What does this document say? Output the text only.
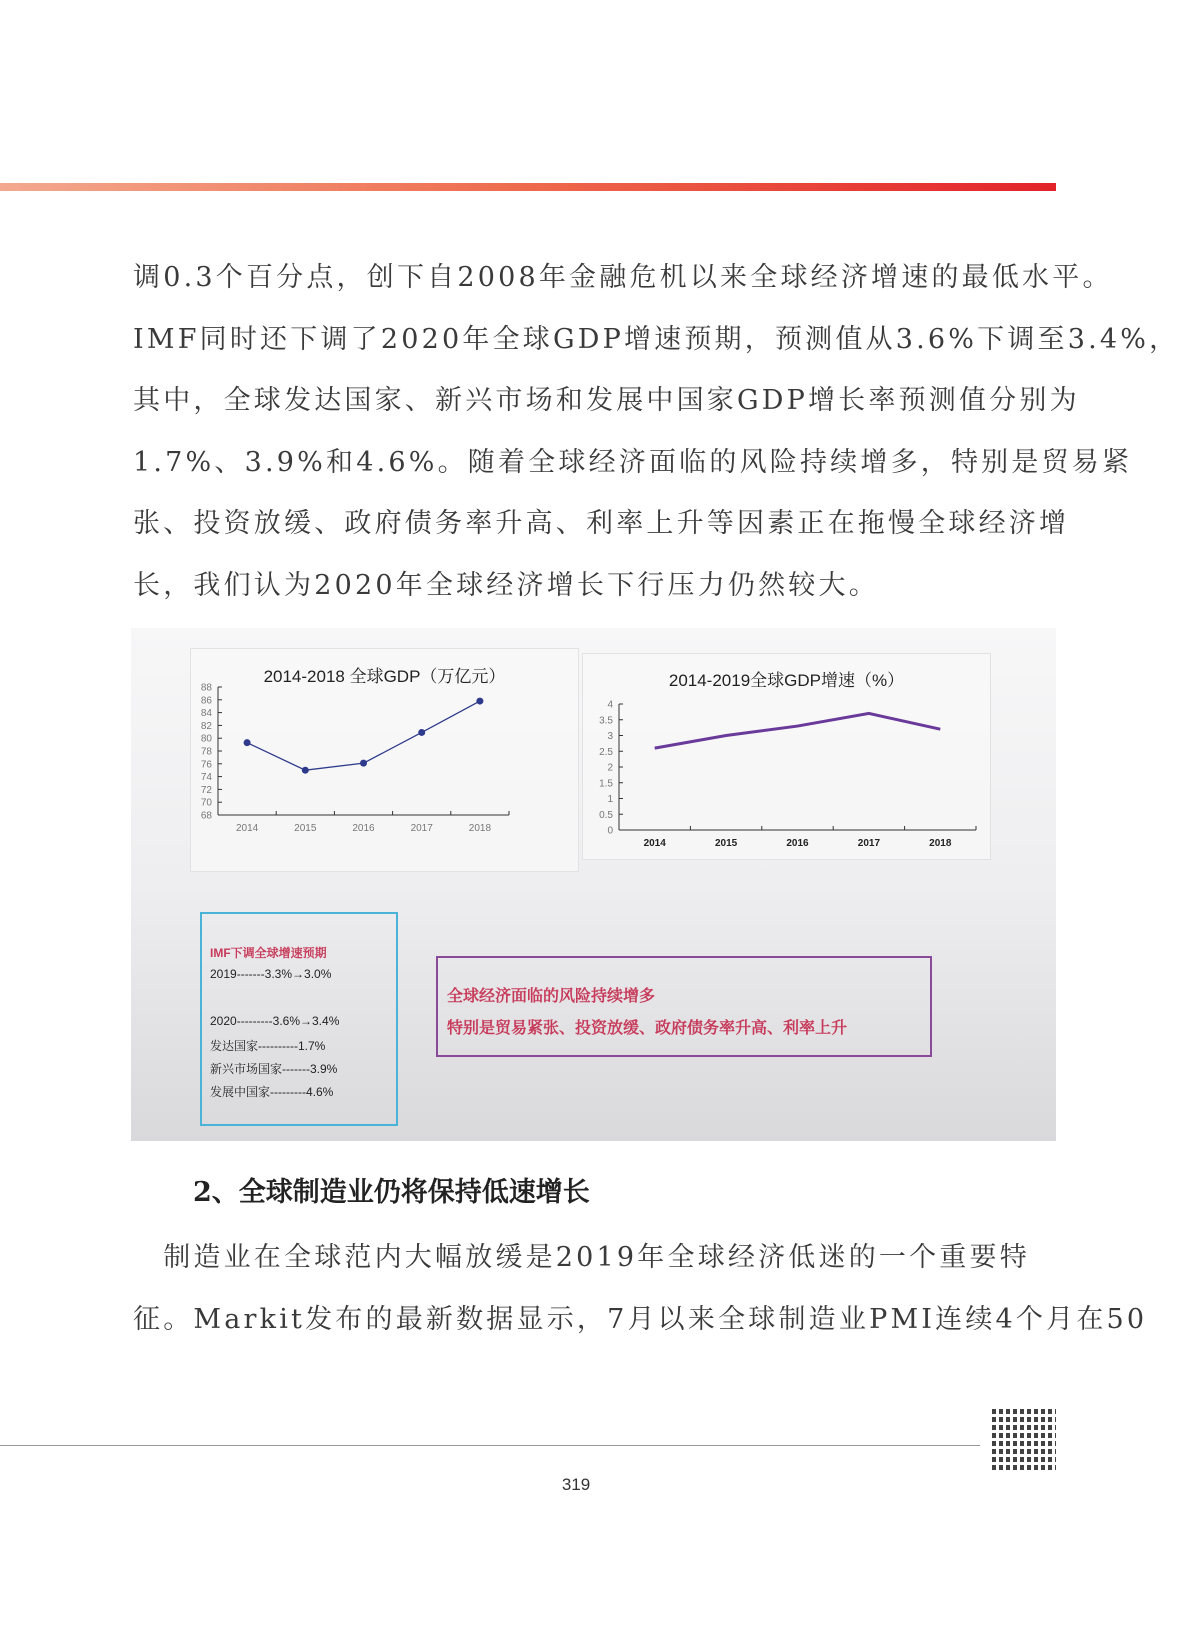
调0.3个百分点，创下自2008年金融危机以来全球经济增速的最低水平。
IMF同时还下调了2020年全球GDP增速预期，预测值从3.6%下调至3.4%，
其中，全球发达国家、新兴市场和发展中国家GDP增长率预测值分别为
1.7%、3.9%和4.6%。随着全球经济面临的风险持续增多，特别是贸易紧
张、投资放缓、政府债务率升高、利率上升等因素正在拖慢全球经济增
长，我们认为2020年全球经济增长下行压力仍然较大。
2014-2018 全球GDP（万亿元）
88
86
84
82
80
78
76
74
72
70
68
2014	2015	2016	2017	2018
2014-2019全球GDP增速（%）
4
3.5
3
2.5
2
1.5
1
0.5
0
2014	2015	2016	2017	2018
IMF下调全球增速预期
2019-------3.3%→3.0%
2020---------3.6%→3.4%
发达国家----------1.7%
新兴市场国家-------3.9%
发展中国家---------4.6%
全球经济面临的风险持续增多
特别是贸易紧张、投资放缓、政府债务率升高、利率上升
2、全球制造业仍将保持低速增长
　制造业在全球范内大幅放缓是2019年全球经济低迷的一个重要特
征。Markit发布的最新数据显示，7月以来全球制造业PMI连续4个月在50
319
